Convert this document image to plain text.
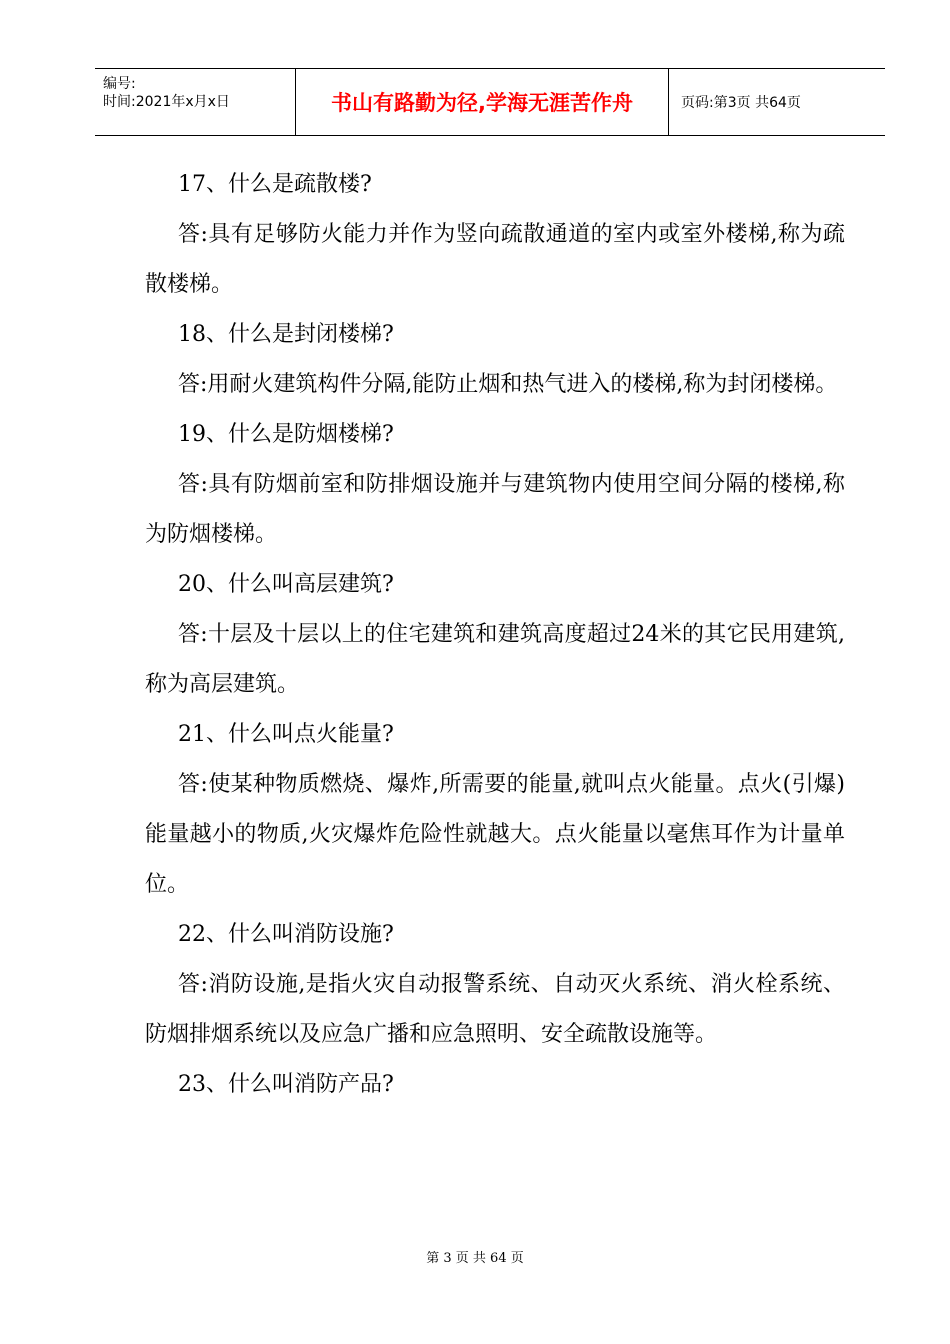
编号:
时间:2021年x月x日	书山有路勤为径,学海无涯苦作舟	页码:第3页 共64页

17、什么是疏散楼?

答:具有足够防火能力并作为竖向疏散通道的室内或室外楼梯,称为疏散楼梯。

18、什么是封闭楼梯?

答:用耐火建筑构件分隔,能防止烟和热气进入的楼梯,称为封闭楼梯。

19、什么是防烟楼梯?

答:具有防烟前室和防排烟设施并与建筑物内使用空间分隔的楼梯,称为防烟楼梯。

20、什么叫高层建筑?

答:十层及十层以上的住宅建筑和建筑高度超过24米的其它民用建筑,称为高层建筑。

21、什么叫点火能量?

答:使某种物质燃烧、爆炸,所需要的能量,就叫点火能量。点火(引爆)能量越小的物质,火灾爆炸危险性就越大。点火能量以毫焦耳作为计量单位。

22、什么叫消防设施?

答:消防设施,是指火灾自动报警系统、自动灭火系统、消火栓系统、防烟排烟系统以及应急广播和应急照明、安全疏散设施等。

23、什么叫消防产品?

第 3 页 共 64 页
